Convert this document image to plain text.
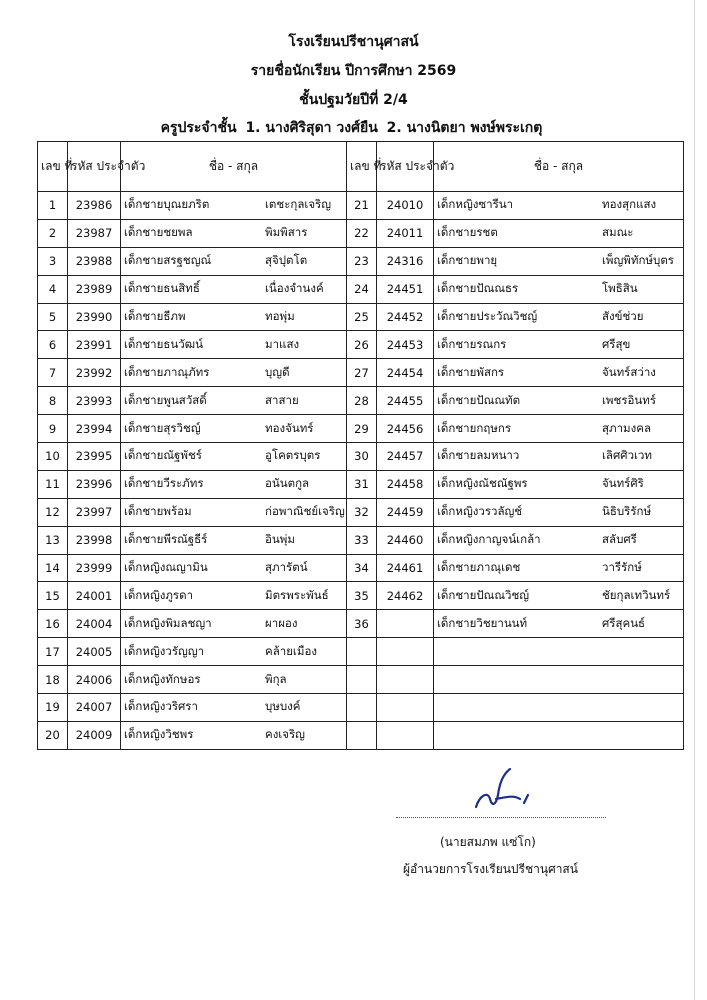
โรงเรียนปรีชานุศาสน์
รายชื่อนักเรียน ปีการศึกษา 2569
ชั้นปฐมวัยปีที่ 2/4
ครูประจำชั้น 1. นางศิริสุดา วงศ์ยืน 2. นางนิตยา พงษ์พระเกตุ
เลข ที่	รหัส ประจำตัว	ชื่อ - สกุล	เลข ที่	รหัส ประจำตัว	ชื่อ - สกุล
1	23986	เด็กชายบุณยภริต เตชะกุลเจริญ	21	24010	เด็กหญิงซารีนา ทองสุกแสง

2	23987	เด็กชายชยพล พิมพิสาร	22	24011	เด็กชายรชต สมณะ

3	23988	เด็กชายสรฐชญณ์ สุจิปุตโต	23	24316	เด็กชายพายุ เพ็ญพิทักษ์บุตร

4	23989	เด็กชายธนสิทธิ์ เนื่องจำนงค์	24	24451	เด็กชายปัณณธร โพธิสิน

5	23990	เด็กชายธีภพ ทอพุ่ม	25	24452	เด็กชายประวัณวิชญ์ สังข์ช่วย

6	23991	เด็กชายธนวัฒน์ มาแสง	26	24453	เด็กชายรณกร ศรีสุข

7	23992	เด็กชายภาณุภัทร บุญดี	27	24454	เด็กชายพัสกร จันทร์สว่าง

8	23993	เด็กชายพูนสวัสดิ์ สาสาย	28	24455	เด็กชายปัณณทัต เพชรอินทร์

9	23994	เด็กชายสุรวิชญ์ ทองจันทร์	29	24456	เด็กชายกฤษกร สุภามงคล

10	23995	เด็กชายณัฐพัชร์ อูโคตรบุตร	30	24457	เด็กชายลมหนาว เลิศศิวเวท

11	23996	เด็กชายวีระภัทร อนันตกูล	31	24458	เด็กหญิงณัชณัฐพร จันทร์ศิริ

12	23997	เด็กชายพร้อม ก่อพาณิชย์เจริญ	32	24459	เด็กหญิงวรวลัญช์ นิธิบริรักษ์

13	23998	เด็กชายพีรณัฐธีร์ อินพุ่ม	33	24460	เด็กหญิงกาญจน์เกล้า สลับศรี

14	23999	เด็กหญิงณญามิน สุภารัตน์	34	24461	เด็กชายภาณุเดช วารีรักษ์

15	24001	เด็กหญิงภูรดา มิตรพระพันธ์	35	24462	เด็กชายปัณณวิชญ์ ชัยกุลเทวินทร์

16	24004	เด็กหญิงพิมลชญา ผาผอง	36		เด็กชายวิชยานนท์ ศรีสุคนธ์

17	24005	เด็กหญิงวรัญญา คล้ายเมือง			

18	24006	เด็กหญิงทักษอร พิกุล			

19	24007	เด็กหญิงวริศรา บุษบงค์			

20	24009	เด็กหญิงวิชพร คงเจริญ			

(นายสมภพ แซ่โก)
ผู้อำนวยการโรงเรียนปรีชานุศาสน์
